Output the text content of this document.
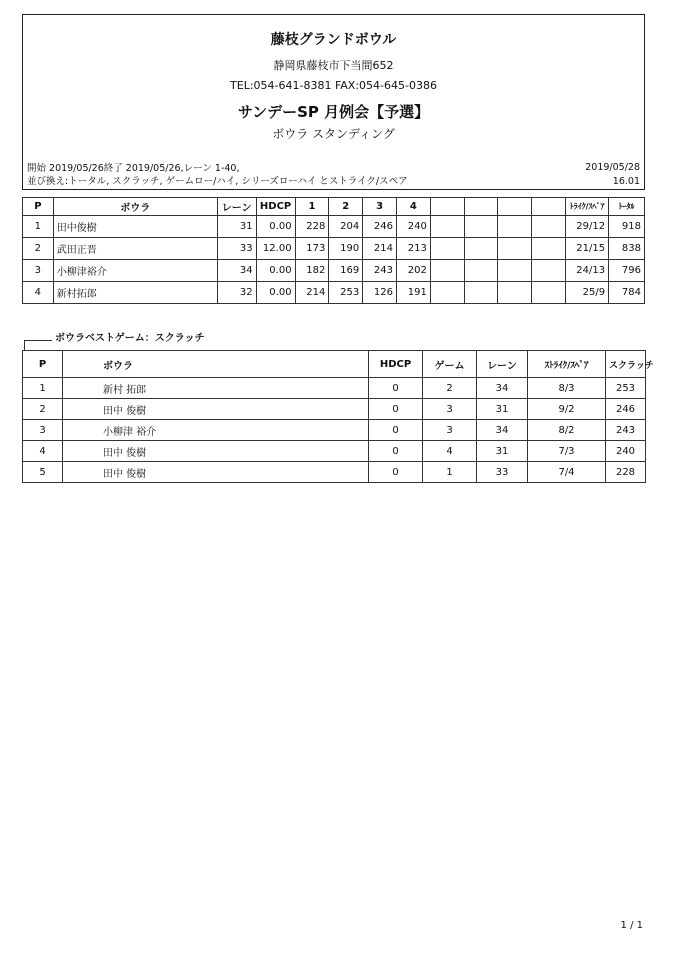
藤枝グランドボウル
静岡県藤枝市下当間652
TEL:054-641-8381 FAX:054-645-0386
サンデーSP 月例会【予選】
ボウラ スタンディング
開始 2019/05/26終了 2019/05/26,レーン 1-40,
並び換え:トータル, スクラッチ, ゲームロー/ハイ, シリーズローハイ とストライク/スペア
2019/05/28
16.01
P	ボウラ	レーン	HDCP	1	2	3	4					ﾄﾗｲｸ/ｽﾍﾟｱ	ﾄｰﾀﾙ
1	田中俊樹	31	0.00	228	204	246	240					29/12	918
2	武田正晋	33	12.00	173	190	214	213					21/15	838
3	小柳津裕介	34	0.00	182	169	243	202					24/13	796
4	新村拓郎	32	0.00	214	253	126	191					25/9	784
ボウラベストゲーム：スクラッチ
P	ボウラ	HDCP	ゲーム	レーン	ｽﾄﾗｲｸ/ｽﾍﾟｱ	スクラッチ
1	新村 拓郎	0	2	34	8/3	253
2	田中 俊樹	0	3	31	9/2	246
3	小柳津 裕介	0	3	34	8/2	243
4	田中 俊樹	0	4	31	7/3	240
5	田中 俊樹	0	1	33	7/4	228
1 / 1
